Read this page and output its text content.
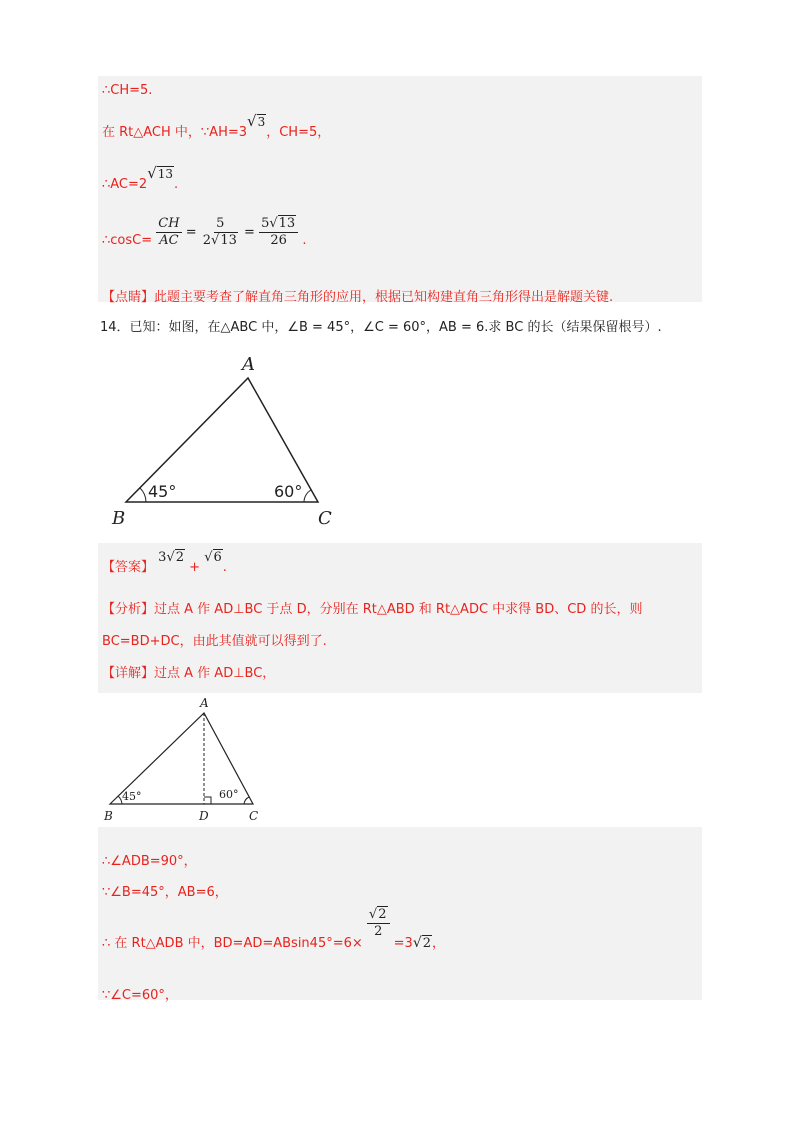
∴CH=5.
在 Rt△ACH 中，∵AH=3√3，CH=5，
∴AC=2√13.
∴cosC= $\frac{CH}{AC} = \frac{5}{2√13} = \frac{5√13}{26}$ .
【点睛】此题主要考查了解直角三角形的应用，根据已知构建直角三角形得出是解题关键.
14．已知：如图，在△ABC 中，∠B = 45°，∠C = 60°，AB = 6.求 BC 的长（结果保留根号）.
A
B	C
45°	60°
【答案】 3√2 + √6.
【分析】过点 A 作 AD⊥BC 于点 D，分别在 Rt△ABD 和 Rt△ADC 中求得 BD、CD 的长，则
BC=BD+DC，由此其值就可以得到了.
【详解】过点 A 作 AD⊥BC，
A
B	D	C
45°	60°
∴∠ADB=90°，
∵∠B=45°，AB=6，
∴ 在 Rt△ADB 中，BD=AD=ABsin45°=6×
$\frac{√2}{2}$
=3√2，
∵∠C=60°，
